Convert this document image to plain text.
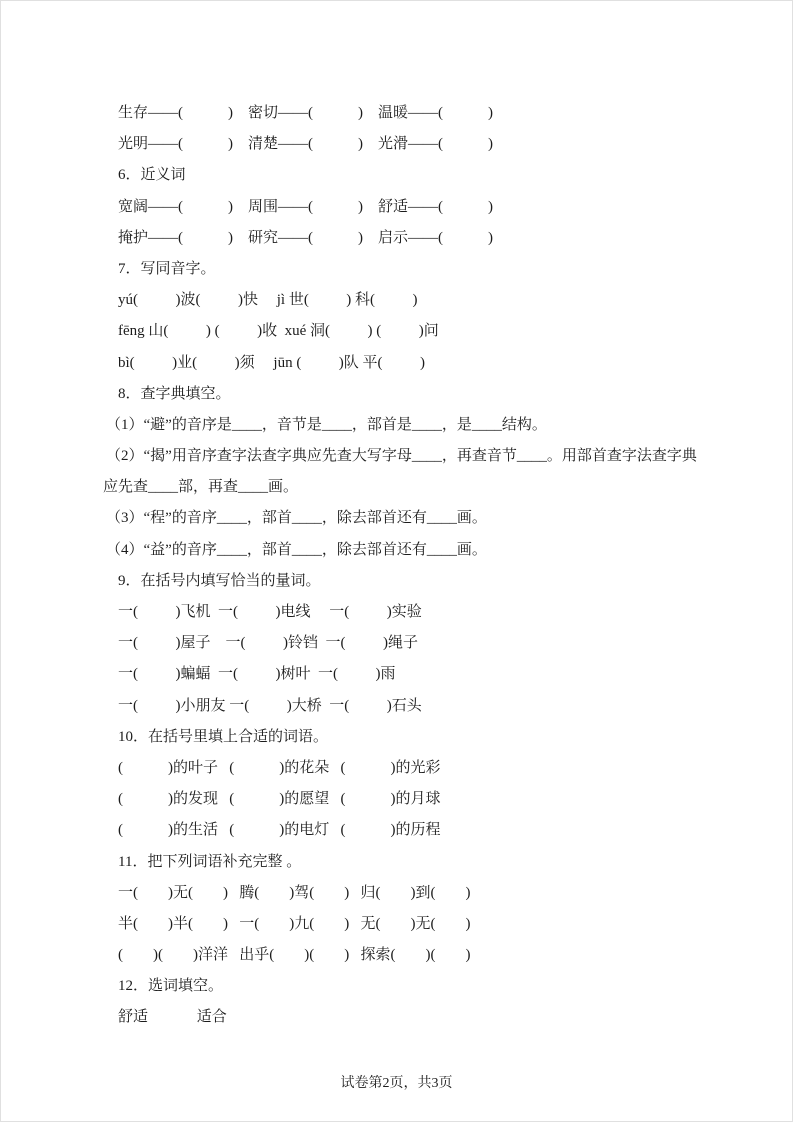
生存——(            )    密切——(            )    温暖——(            )
光明——(            )    清楚——(            )    光滑——(            )
6．近义词
宽阔——(            )    周围——(            )    舒适——(            )
掩护——(            )    研究——(            )    启示——(            )
7．写同音字。
yú(          )波(          )快     jì 世(          ) 科(          )
fēng 山(          ) (          )收  xué 洞(          ) (          )问
bì(          )业(          )须     jūn (          )队 平(          )
8．查字典填空。
（1）“避”的音序是____，音节是____，部首是____，是____结构。
（2）“揭”用音序查字法查字典应先查大写字母____，再查音节____。用部首查字法查字典
应先查____部，再查____画。
（3）“程”的音序____，部首____，除去部首还有____画。
（4）“益”的音序____，部首____，除去部首还有____画。
9．在括号内填写恰当的量词。
一(          )飞机  一(          )电线     一(          )实验
一(          )屋子    一(          )铃铛  一(          )绳子
一(          )蝙蝠  一(          )树叶  一(          )雨
一(          )小朋友 一(          )大桥  一(          )石头
10．在括号里填上合适的词语。
(            )的叶子   (            )的花朵   (            )的光彩
(            )的发现   (            )的愿望   (            )的月球
(            )的生活   (            )的电灯   (            )的历程
11．把下列词语补充完整 。
一(        )无(        )   腾(        )驾(        )   归(        )到(        )
半(        )半(        )   一(        )九(        )   无(        )无(        )
(        )(        )洋洋   出乎(        )(        )   探索(        )(        )
12．选词填空。
舒适             适合
试卷第2页，共3页
